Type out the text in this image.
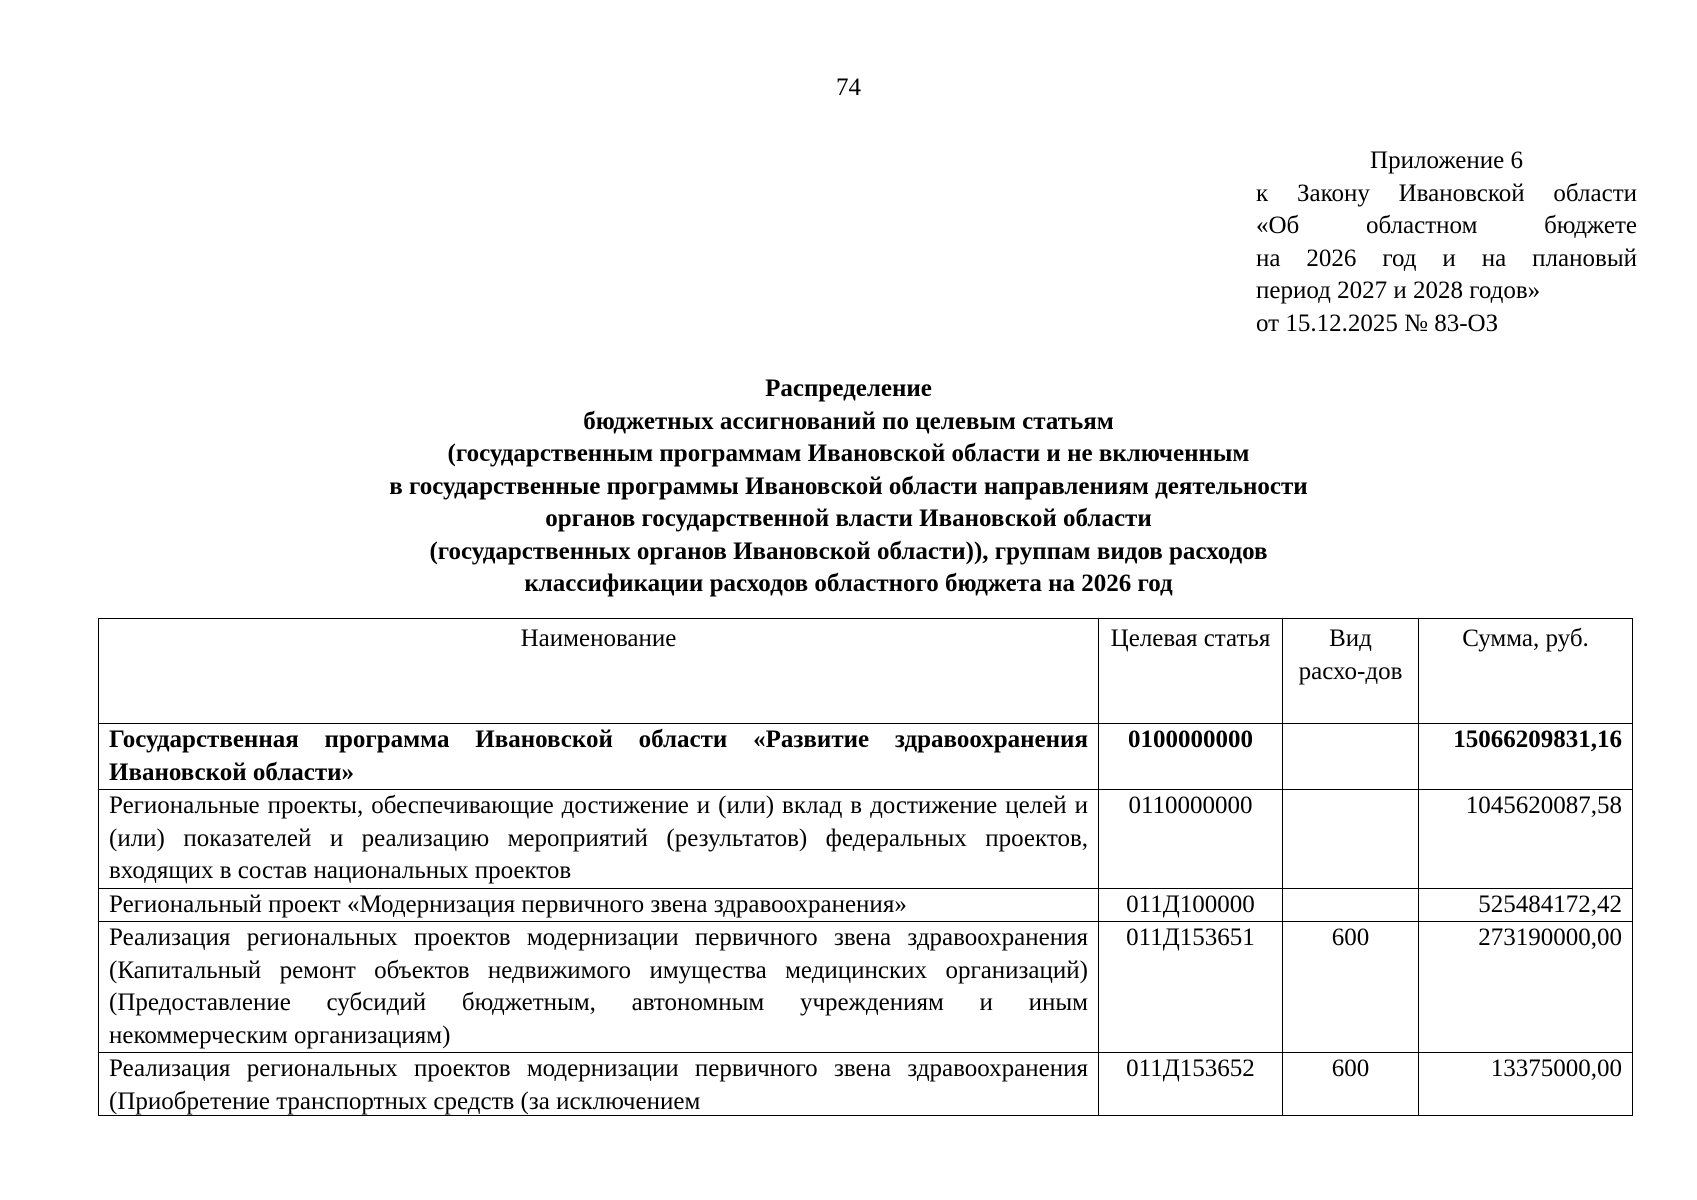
74
Приложение 6
к Закону Ивановской области
«Об областном бюджете
на 2026 год и на плановый
период 2027 и 2028 годов»
от 15.12.2025 № 83-ОЗ
Распределение
бюджетных ассигнований по целевым статьям
(государственным программам Ивановской области и не включенным
в государственные программы Ивановской области направлениям деятельности
органов государственной власти Ивановской области
(государственных органов Ивановской области)), группам видов расходов
классификации расходов областного бюджета на 2026 год
Наименование	Целевая статья	Вид расхо-дов	Сумма, руб.
Государственная программа Ивановской области «Развитие здравоохранения Ивановской области»	0100000000		15066209831,16
Региональные проекты, обеспечивающие достижение и (или) вклад в достижение целей и (или) показателей и реализацию мероприятий (результатов) федеральных проектов, входящих в состав национальных проектов	0110000000		1045620087,58
Региональный проект «Модернизация первичного звена здравоохранения»	011Д100000		525484172,42
Реализация региональных проектов модернизации первичного звена здравоохранения (Капитальный ремонт объектов недвижимого имущества медицинских организаций) (Предоставление субсидий бюджетным, автономным учреждениям и иным некоммерческим организациям)	011Д153651	600	273190000,00

Реализация региональных проектов модернизации первичного звена здравоохранения (Приобретение транспортных средств (за исключением	011Д153652	600	13375000,00
